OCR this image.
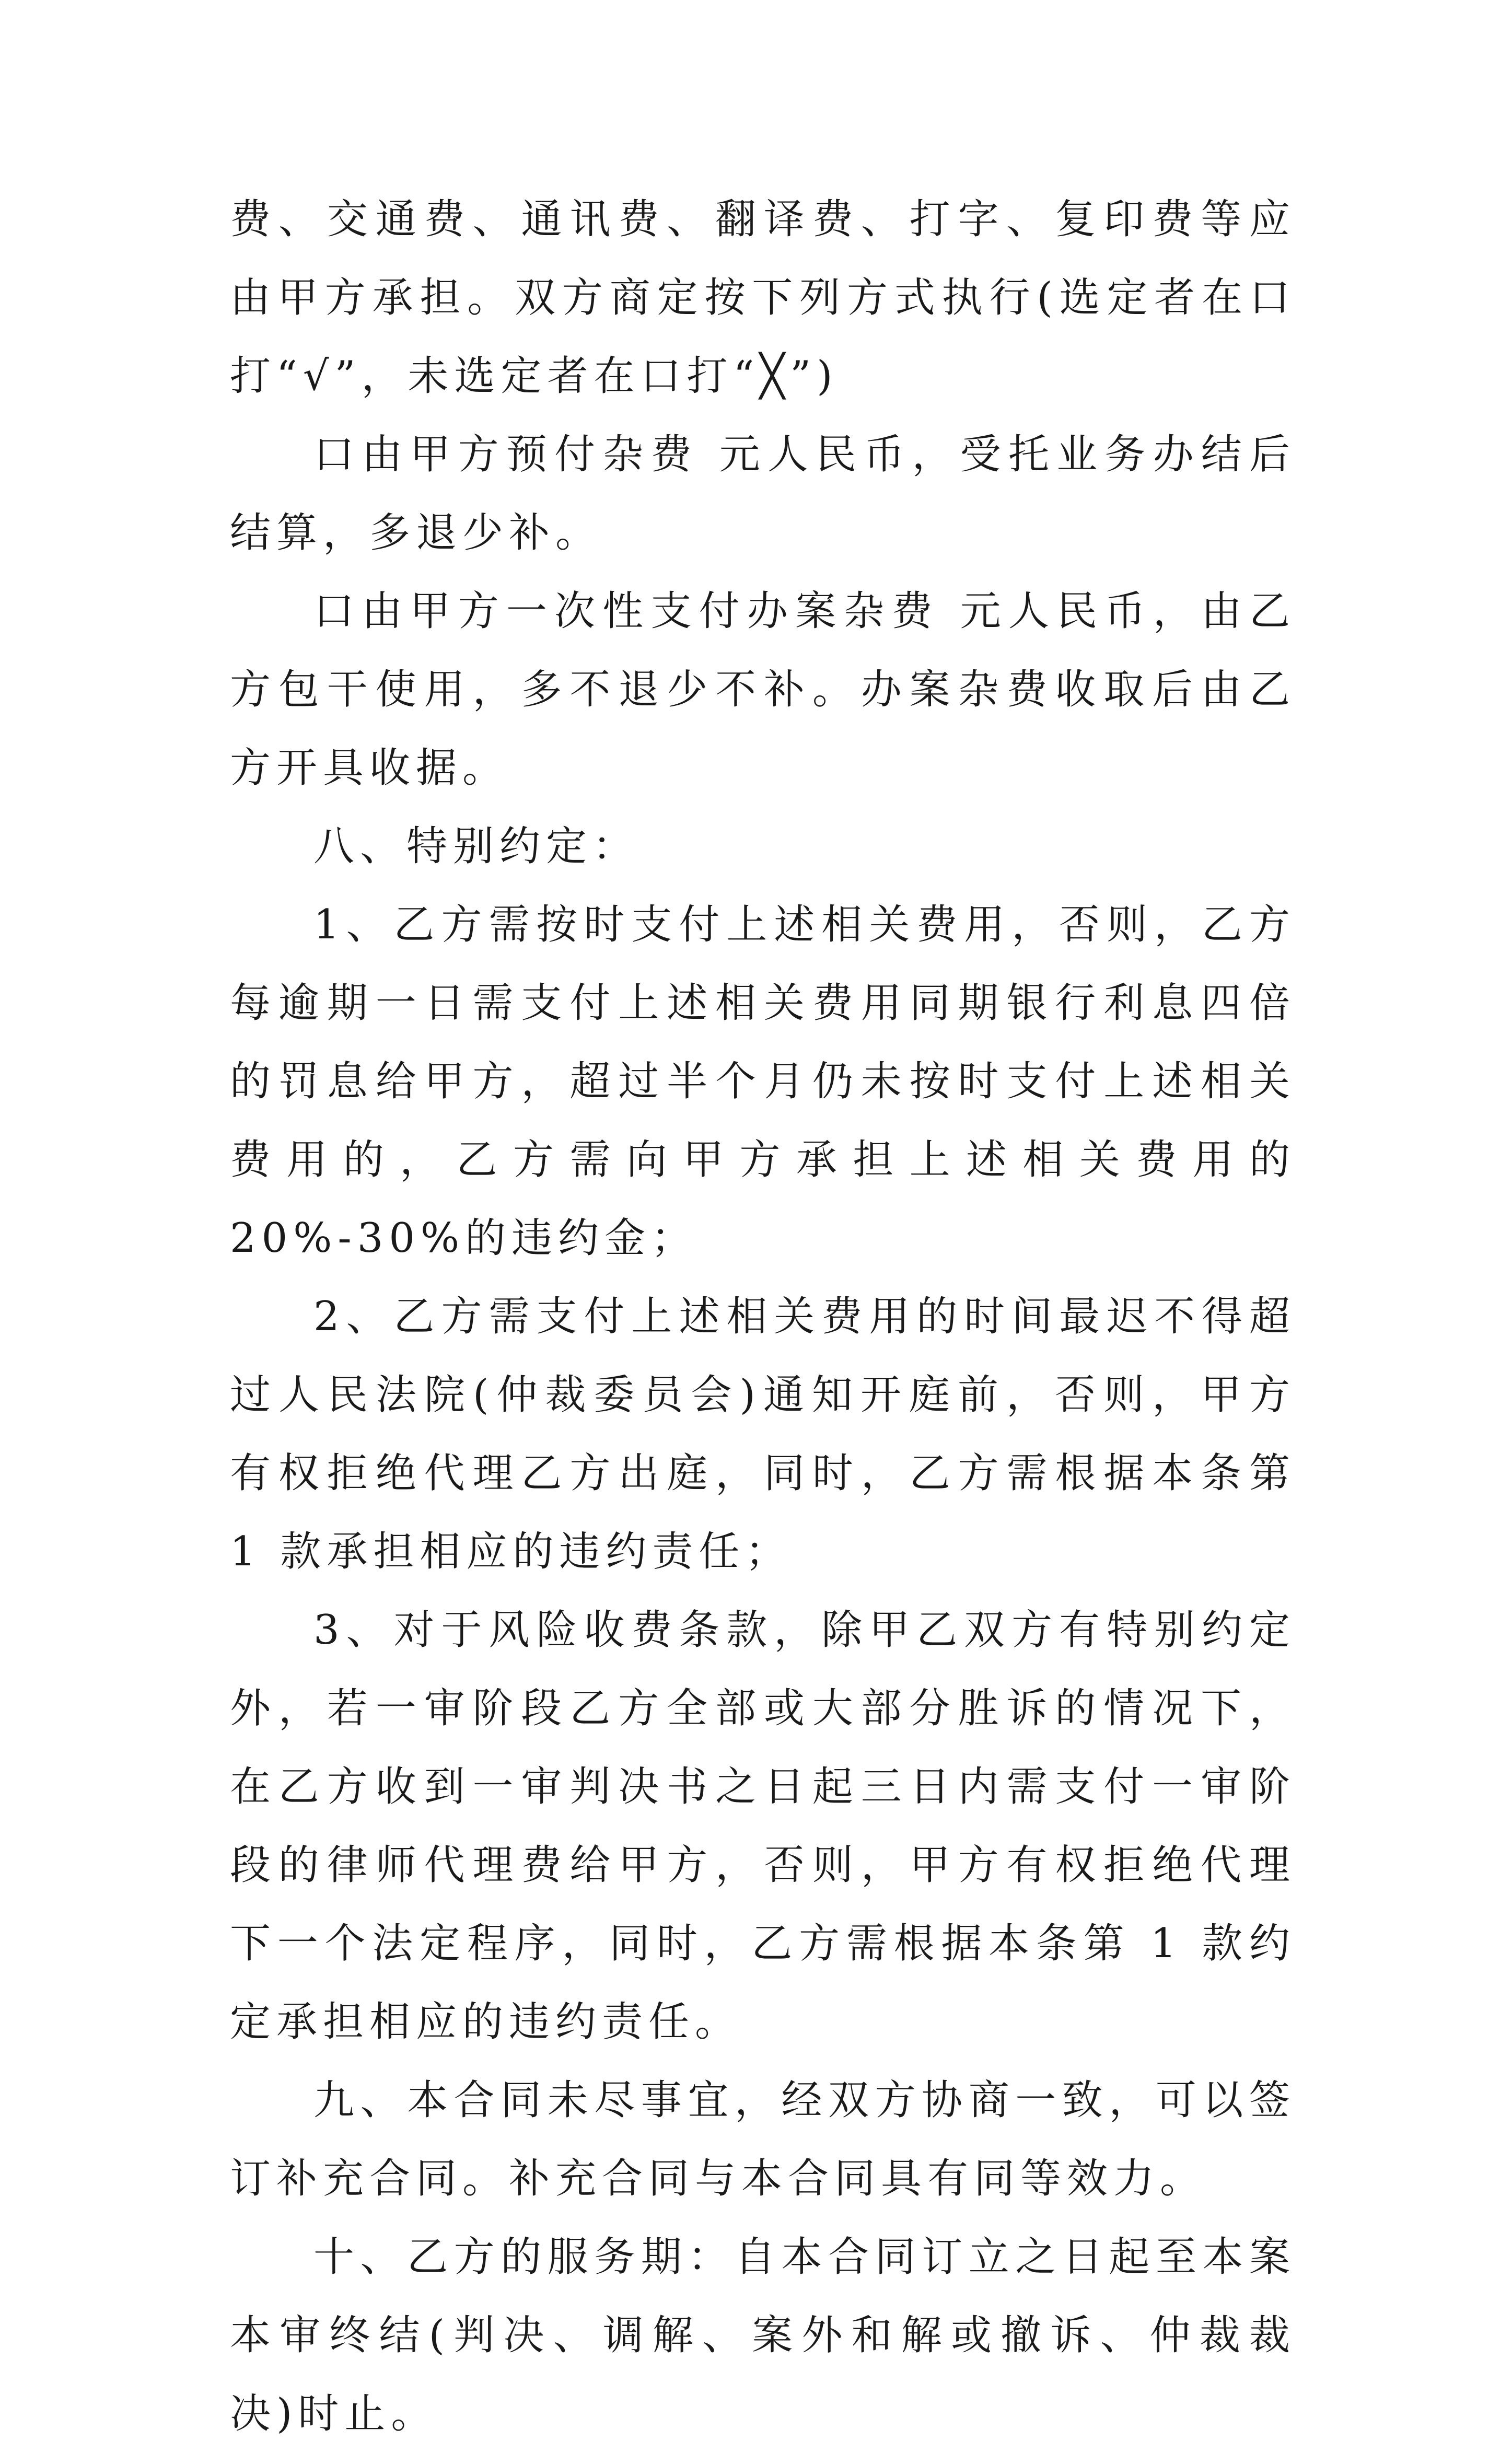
费、交通费、通讯费、翻译费、打字、复印费等应由甲方承担。双方商定按下列方式执行(选定者在口打“√”，未选定者在口打“╳”)

口由甲方预付杂费 元人民币，受托业务办结后结算，多退少补。

口由甲方一次性支付办案杂费 元人民币，由乙方包干使用，多不退少不补。办案杂费收取后由乙方开具收据。

八、特别约定：

1、乙方需按时支付上述相关费用，否则，乙方每逾期一日需支付上述相关费用同期银行利息四倍的罚息给甲方，超过半个月仍未按时支付上述相关费用的，乙方需向甲方承担上述相关费用的 20%-30%的违约金；

2、乙方需支付上述相关费用的时间最迟不得超过人民法院(仲裁委员会)通知开庭前，否则，甲方有权拒绝代理乙方出庭，同时，乙方需根据本条第 1 款承担相应的违约责任；

3、对于风险收费条款，除甲乙双方有特别约定外，若一审阶段乙方全部或大部分胜诉的情况下，在乙方收到一审判决书之日起三日内需支付一审阶段的律师代理费给甲方，否则，甲方有权拒绝代理下一个法定程序，同时，乙方需根据本条第 1 款约定承担相应的违约责任。

九、本合同未尽事宜，经双方协商一致，可以签订补充合同。补充合同与本合同具有同等效力。

十、乙方的服务期：自本合同订立之日起至本案本审终结(判决、调解、案外和解或撤诉、仲裁裁决)时止。
